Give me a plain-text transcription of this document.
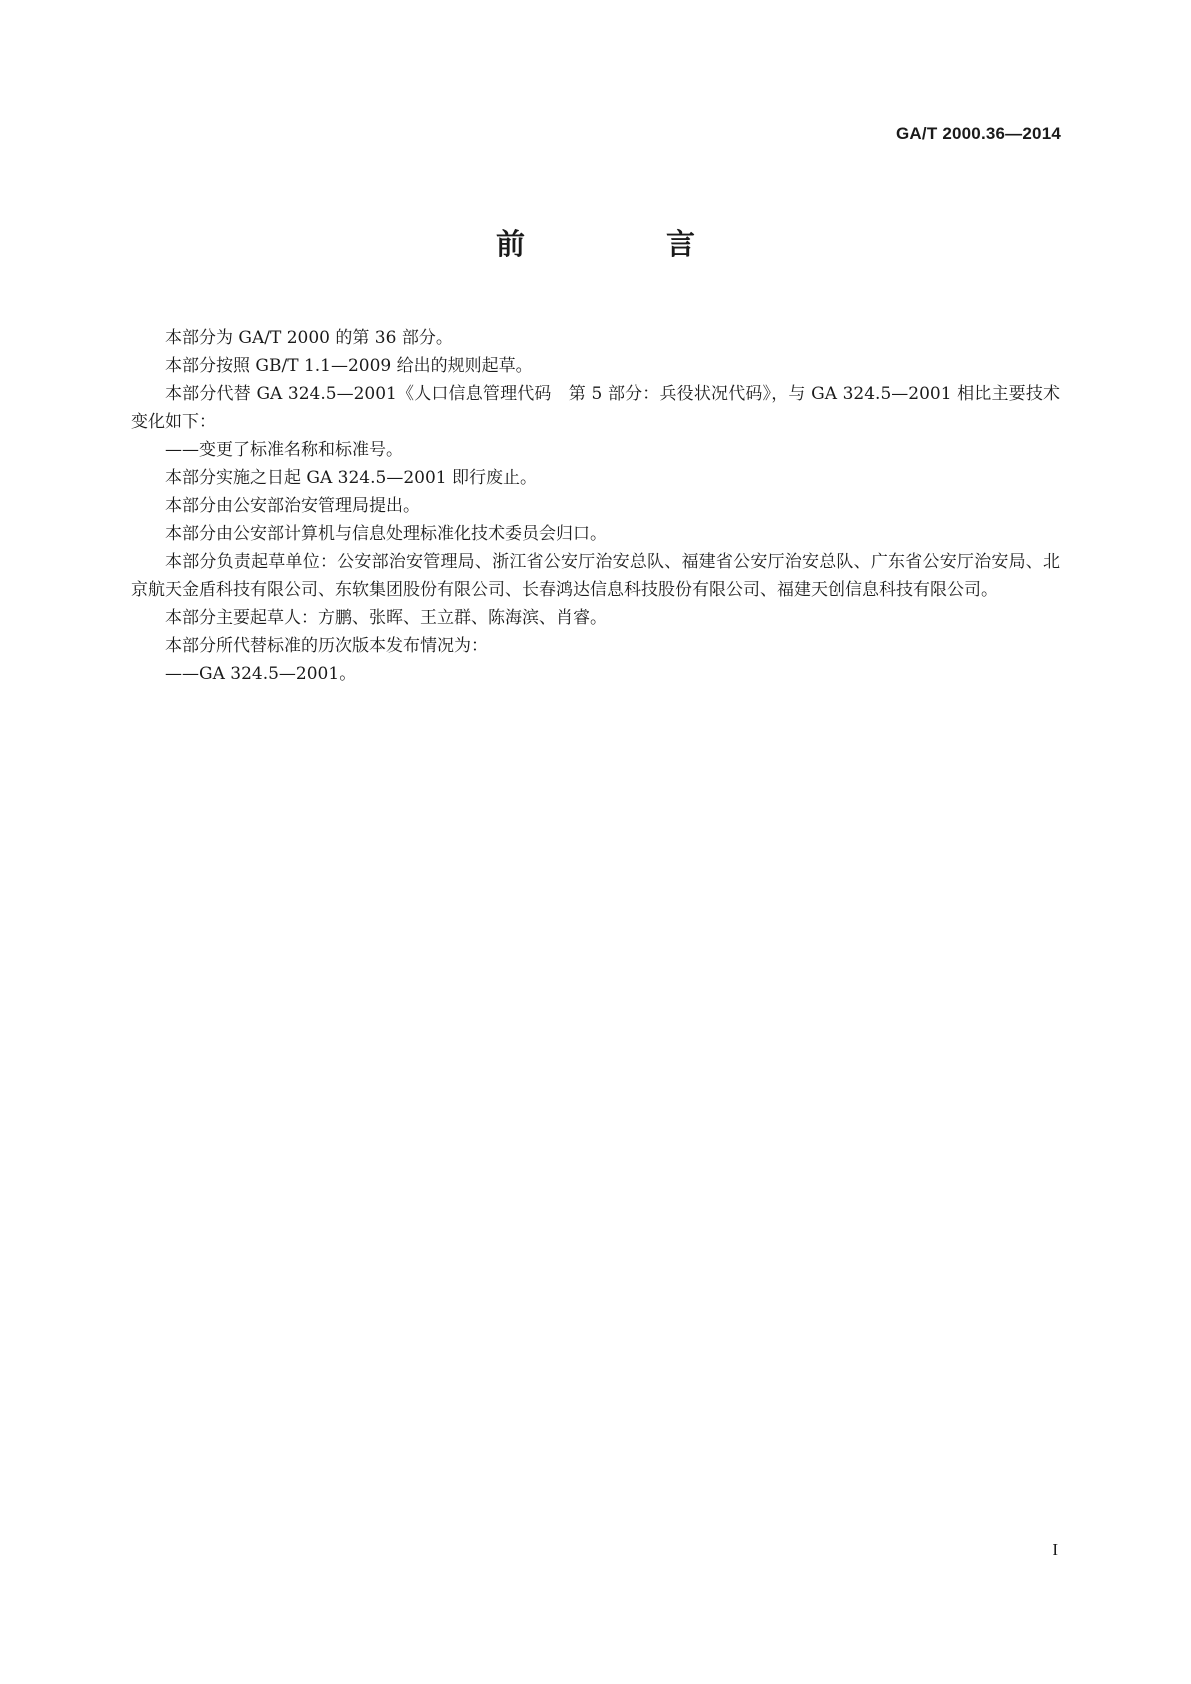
GA/T 2000.36—2014
前　言

本部分为 GA/T 2000 的第 36 部分。

本部分按照 GB/T 1.1—2009 给出的规则起草。

本部分代替 GA 324.5—2001《人口信息管理代码　第 5 部分：兵役状况代码》，与 GA 324.5—2001 相比主要技术变化如下：

——变更了标准名称和标准号。

本部分实施之日起 GA 324.5—2001 即行废止。

本部分由公安部治安管理局提出。

本部分由公安部计算机与信息处理标准化技术委员会归口。

本部分负责起草单位：公安部治安管理局、浙江省公安厅治安总队、福建省公安厅治安总队、广东省公安厅治安局、北京航天金盾科技有限公司、东软集团股份有限公司、长春鸿达信息科技股份有限公司、福建天创信息科技有限公司。

本部分主要起草人：方鹏、张晖、王立群、陈海滨、肖睿。

本部分所代替标准的历次版本发布情况为：

——GA 324.5—2001。

I
